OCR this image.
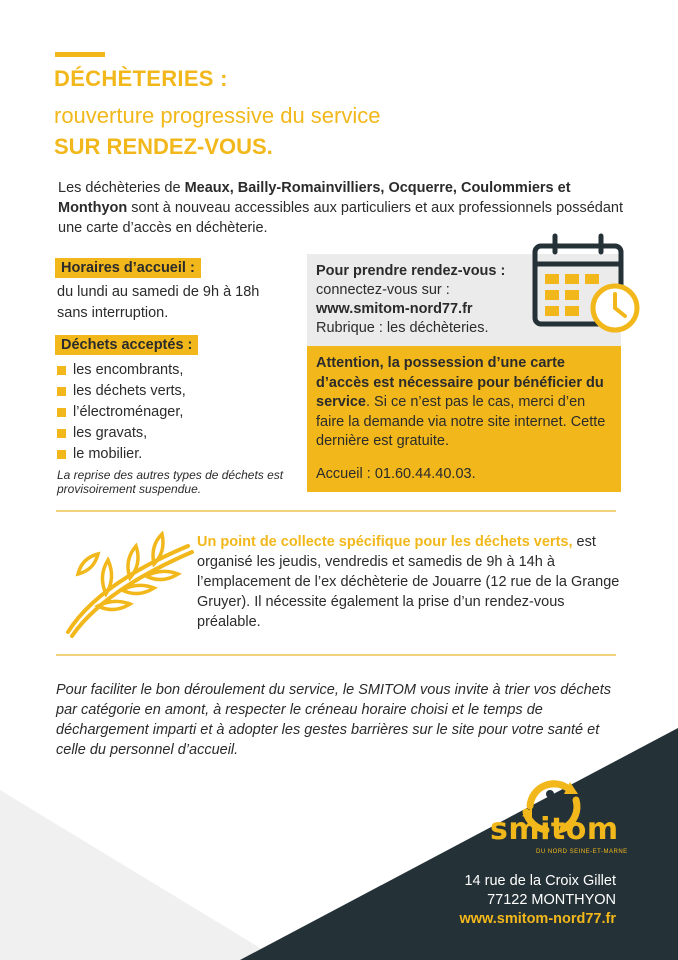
DÉCHÈTERIES :
rouverture progressive du service
SUR RENDEZ-VOUS.
Les déchèteries de Meaux, Bailly-Romainvilliers, Ocquerre, Coulommiers et Monthyon sont à nouveau accessibles aux particuliers et aux professionnels possédant une carte d’accès en déchèterie.
Horaires d’accueil :
du lundi au samedi de 9h à 18h
sans interruption.
Déchets acceptés :
les encombrants,
les déchets verts,
l’électroménager,
les gravats,
le mobilier.
La reprise des autres types de déchets est provisoirement suspendue.
Pour prendre rendez-vous :
connectez-vous sur :
www.smitom-nord77.fr
Rubrique : les déchèteries.
Attention, la possession d’une carte d’accès est nécessaire pour bénéficier du service. Si ce n’est pas le cas, merci d’en faire la demande via notre site internet. Cette dernière est gratuite.
Accueil : 01.60.44.40.03.
Un point de collecte spécifique pour les déchets verts, est organisé les jeudis, vendredis et samedis de 9h à 14h à l’emplacement de l’ex déchèterie de Jouarre (12 rue de la Grange Gruyer). Il nécessite également la prise d’un rendez-vous préalable.
Pour faciliter le bon déroulement du service, le SMITOM vous invite à trier vos déchets par catégorie en amont, à respecter le créneau horaire choisi et le temps de déchargement imparti et à adopter les gestes barrières sur le site pour votre santé et celle du personnel d’accueil.
smitom
DU NORD SEINE-ET-MARNE
14 rue de la Croix Gillet
77122 MONTHYON
www.smitom-nord77.fr
